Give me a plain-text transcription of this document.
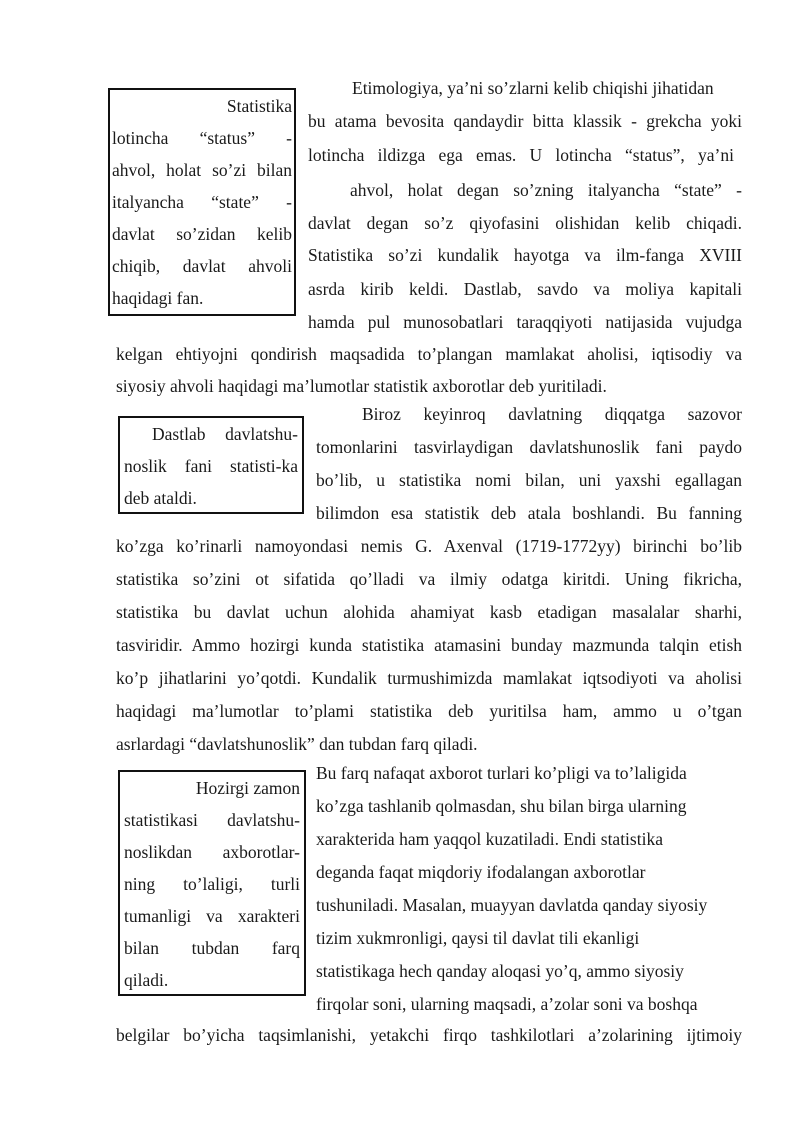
Statistika
lotincha “status” -
ahvol, holat so’zi bilan
italyancha “state” -
davlat so’zidan kelib
chiqib, davlat ahvoli
haqidagi fan.
Dastlab davlatshu-
noslik fani statisti-ka
deb ataldi.
Hozirgi zamon
statistikasi davlatshu-
noslikdan axborotlar-
ning to’laligi, turli
tumanligi va xarakteri
bilan tubdan farq
qiladi.
Etimologiya, ya’ni so’zlarni kelib chiqishi jihatidan
bu atama bevosita qandaydir bitta klassik - grekcha yoki
lotincha ildizga ega emas. U lotincha “status”, ya’ni
ahvol, holat degan so’zning italyancha “state” -
davlat degan so’z qiyofasini olishidan kelib chiqadi.
Statistika so’zi kundalik hayotga va ilm-fanga XVIII
asrda kirib keldi. Dastlab, savdo va moliya kapitali
hamda pul munosobatlari taraqqiyoti natijasida vujudga
kelgan ehtiyojni qondirish maqsadida to’plangan mamlakat aholisi, iqtisodiy va
siyosiy ahvoli haqidagi ma’lumotlar statistik axborotlar deb yuritiladi.
Biroz keyinroq davlatning diqqatga sazovor
tomonlarini tasvirlaydigan davlatshunoslik fani paydo
bo’lib, u statistika nomi bilan, uni yaxshi egallagan
bilimdon esa statistik deb atala boshlandi. Bu fanning
ko’zga ko’rinarli namoyondasi nemis G. Axenval (1719-1772yy) birinchi bo’lib
statistika so’zini ot sifatida qo’lladi va ilmiy odatga kiritdi. Uning fikricha,
statistika bu davlat uchun alohida ahamiyat kasb etadigan masalalar sharhi,
tasviridir. Ammo hozirgi kunda statistika atamasini bunday mazmunda talqin etish
ko’p jihatlarini yo’qotdi. Kundalik turmushimizda mamlakat iqtsodiyoti va aholisi
haqidagi ma’lumotlar to’plami statistika deb yuritilsa ham, ammo u o’tgan
asrlardagi “davlatshunoslik” dan tubdan farq qiladi.
Bu farq nafaqat axborot turlari ko’pligi va to’laligida
ko’zga tashlanib qolmasdan, shu bilan birga ularning
xarakterida ham yaqqol kuzatiladi. Endi statistika
deganda faqat miqdoriy ifodalangan axborotlar
tushuniladi. Masalan, muayyan davlatda qanday siyosiy
tizim xukmronligi, qaysi til davlat tili ekanligi
statistikaga hech qanday aloqasi yo’q, ammo siyosiy
firqolar soni, ularning maqsadi, a’zolar soni va boshqa
belgilar bo’yicha taqsimlanishi, yetakchi firqo tashkilotlari a’zolarining ijtimoiy
